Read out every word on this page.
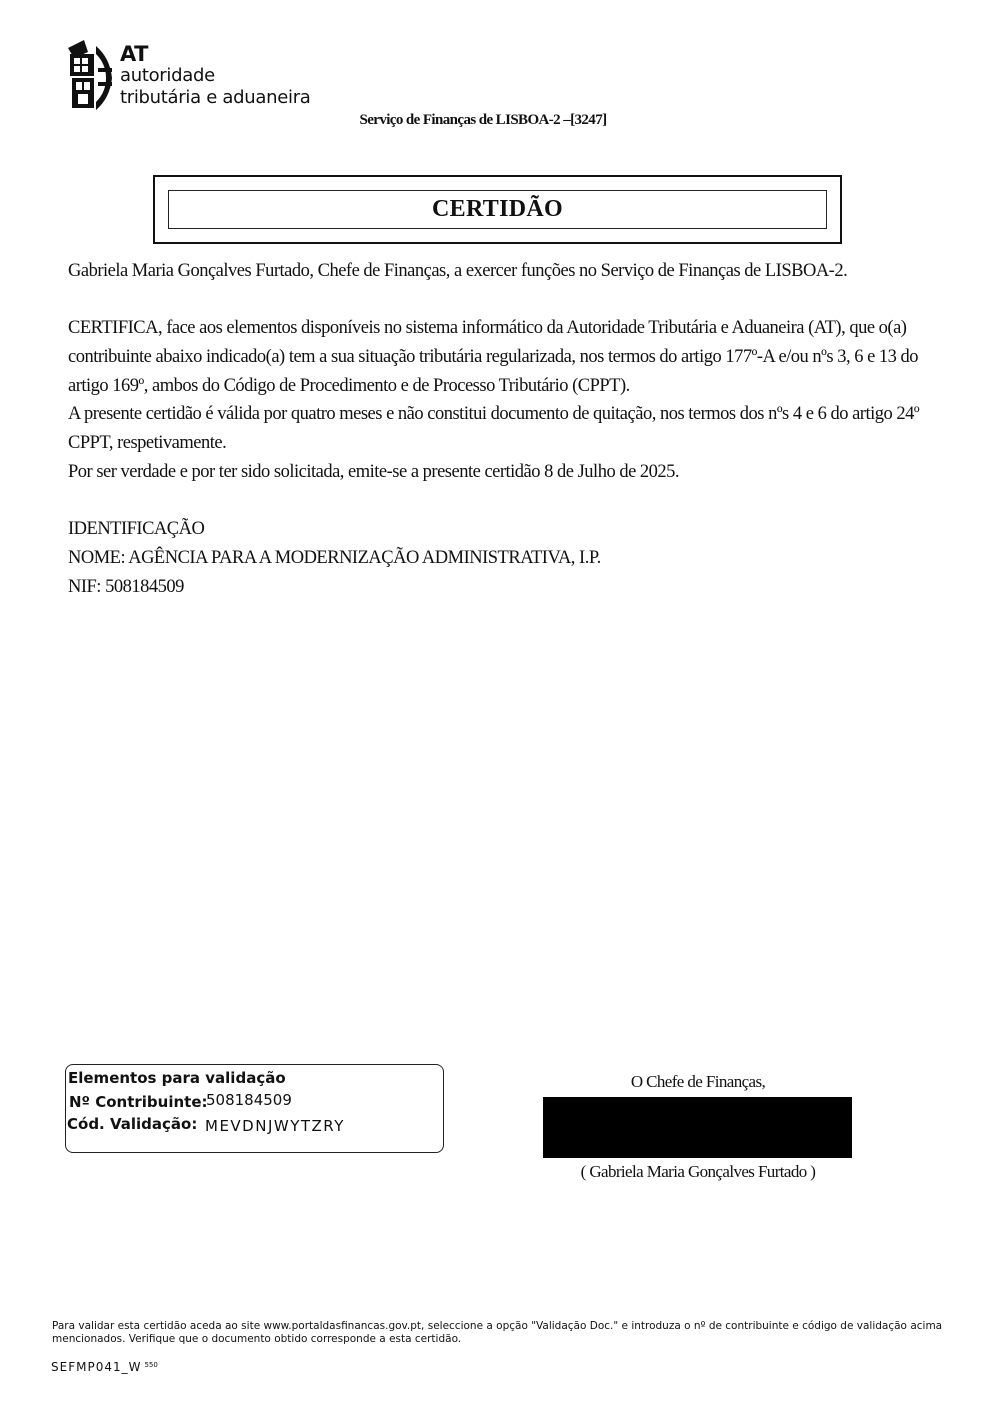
AT
autoridade
tributária e aduaneira
Serviço de Finanças de LISBOA-2 –[3247]
CERTIDÃO

Gabriela Maria Gonçalves Furtado, Chefe de Finanças, a exercer funções no Serviço de Finanças de LISBOA-2.

CERTIFICA, face aos elementos disponíveis no sistema informático da Autoridade Tributária e Aduaneira (AT), que o(a) contribuinte abaixo indicado(a) tem a sua situação tributária regularizada, nos termos do artigo 177º-A e/ou nºs 3, 6 e 13 do artigo 169º, ambos do Código de Procedimento e de Processo Tributário (CPPT).

A presente certidão é válida por quatro meses e não constitui documento de quitação, nos termos dos nºs 4 e 6 do artigo 24º CPPT, respetivamente.

Por ser verdade e por ter sido solicitada, emite-se a presente certidão 8 de Julho de 2025.

IDENTIFICAÇÃO

NOME: AGÊNCIA PARA A MODERNIZAÇÃO ADMINISTRATIVA, I.P.

NIF: 508184509

Elementos para validação
Nº Contribuinte:
508184509
Cód. Validação: MEVDNJWYTZRY
O Chefe de Finanças,
( Gabriela Maria Gonçalves Furtado )
Para validar esta certidão aceda ao site www.portaldasfinancas.gov.pt, seleccione a opção "Validação Doc." e introduza o nº de contribuinte e código de validação acima mencionados. Verifique que o documento obtido corresponde a esta certidão.
SEFMP041_W $^{550}$
